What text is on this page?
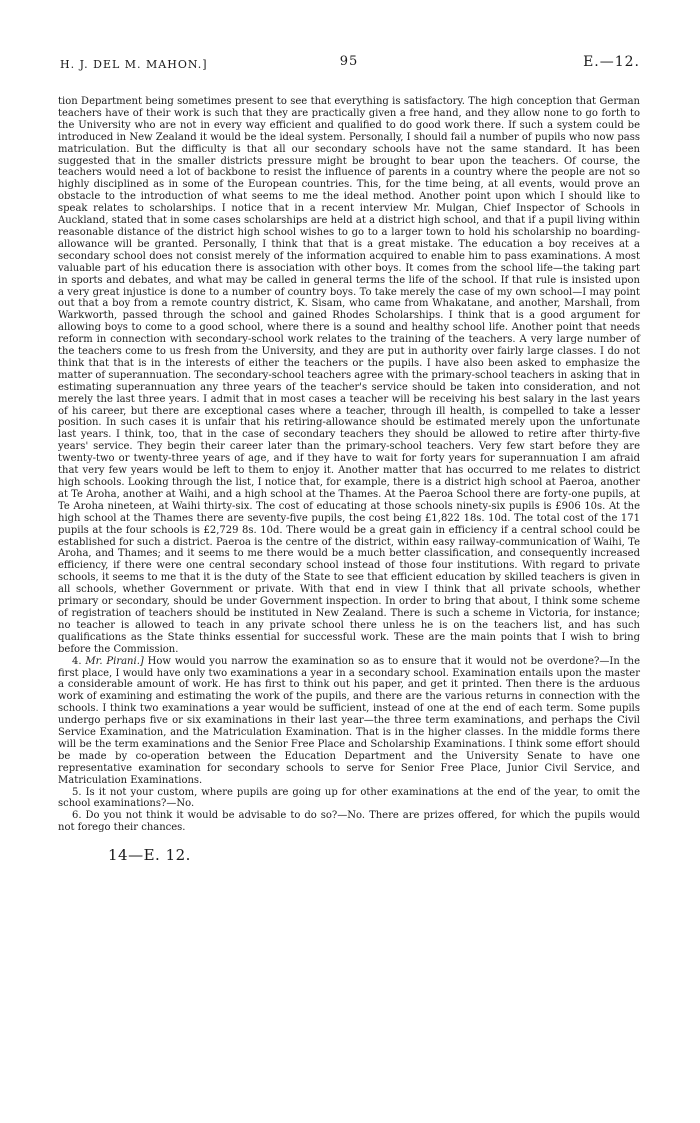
H. J. DEL M. MAHON.]	95	E.—12.

tion Department being sometimes present to see that everything is satisfactory. The high conception that German teachers have of their work is such that they are practically given a free hand, and they allow none to go forth to the University who are not in every way efficient and qualified to do good work there. If such a system could be introduced in New Zealand it would be the ideal system. Personally, I should fail a number of pupils who now pass matriculation. But the difficulty is that all our secondary schools have not the same standard. It has been suggested that in the smaller districts pressure might be brought to bear upon the teachers. Of course, the teachers would need a lot of backbone to resist the influence of parents in a country where the people are not so highly disciplined as in some of the European countries. This, for the time being, at all events, would prove an obstacle to the introduction of what seems to me the ideal method. Another point upon which I should like to speak relates to scholarships. I notice that in a recent interview Mr. Mulgan, Chief Inspector of Schools in Auckland, stated that in some cases scholarships are held at a district high school, and that if a pupil living within reasonable distance of the district high school wishes to go to a larger town to hold his scholarship no boarding-allowance will be granted. Personally, I think that that is a great mistake. The education a boy receives at a secondary school does not consist merely of the information acquired to enable him to pass examinations. A most valuable part of his education there is association with other boys. It comes from the school life—the taking part in sports and debates, and what may be called in general terms the life of the school. If that rule is insisted upon a very great injustice is done to a number of country boys. To take merely the case of my own school—I may point out that a boy from a remote country district, K. Sisam, who came from Whakatane, and another, Marshall, from Warkworth, passed through the school and gained Rhodes Scholarships. I think that is a good argument for allowing boys to come to a good school, where there is a sound and healthy school life. Another point that needs reform in connection with secondary-school work relates to the training of the teachers. A very large number of the teachers come to us fresh from the University, and they are put in authority over fairly large classes. I do not think that that is in the interests of either the teachers or the pupils. I have also been asked to emphasize the matter of superannuation. The secondary-school teachers agree with the primary-school teachers in asking that in estimating superannuation any three years of the teacher's service should be taken into consideration, and not merely the last three years. I admit that in most cases a teacher will be receiving his best salary in the last years of his career, but there are exceptional cases where a teacher, through ill health, is compelled to take a lesser position. In such cases it is unfair that his retiring-allowance should be estimated merely upon the unfortunate last years. I think, too, that in the case of secondary teachers they should be allowed to retire after thirty-five years' service. They begin their career later than the primary-school teachers. Very few start before they are twenty-two or twenty-three years of age, and if they have to wait for forty years for superannuation I am afraid that very few years would be left to them to enjoy it. Another matter that has occurred to me relates to district high schools. Looking through the list, I notice that, for example, there is a district high school at Paeroa, another at Te Aroha, another at Waihi, and a high school at the Thames. At the Paeroa School there are forty-one pupils, at Te Aroha nineteen, at Waihi thirty-six. The cost of educating at those schools ninety-six pupils is £906 10s. At the high school at the Thames there are seventy-five pupils, the cost being £1,822 18s. 10d. The total cost of the 171 pupils at the four schools is £2,729 8s. 10d. There would be a great gain in efficiency if a central school could be established for such a district. Paeroa is the centre of the district, within easy railway-communication of Waihi, Te Aroha, and Thames; and it seems to me there would be a much better classification, and consequently increased efficiency, if there were one central secondary school instead of those four institutions. With regard to private schools, it seems to me that it is the duty of the State to see that efficient education by skilled teachers is given in all schools, whether Government or private. With that end in view I think that all private schools, whether primary or secondary, should be under Government inspection. In order to bring that about, I think some scheme of registration of teachers should be instituted in New Zealand. There is such a scheme in Victoria, for instance; no teacher is allowed to teach in any private school there unless he is on the teachers list, and has such qualifications as the State thinks essential for successful work. These are the main points that I wish to bring before the Commission.

4. Mr. Pirani.] How would you narrow the examination so as to ensure that it would not be overdone?—In the first place, I would have only two examinations a year in a secondary school. Examination entails upon the master a considerable amount of work. He has first to think out his paper, and get it printed. Then there is the arduous work of examining and estimating the work of the pupils, and there are the various returns in connection with the schools. I think two examinations a year would be sufficient, instead of one at the end of each term. Some pupils undergo perhaps five or six examinations in their last year—the three term examinations, and perhaps the Civil Service Examination, and the Matriculation Examination. That is in the higher classes. In the middle forms there will be the term examinations and the Senior Free Place and Scholarship Examinations. I think some effort should be made by co-operation between the Education Department and the University Senate to have one representative examination for secondary schools to serve for Senior Free Place, Junior Civil Service, and Matriculation Examinations.

5. Is it not your custom, where pupils are going up for other examinations at the end of the year, to omit the school examinations?—No.

6. Do you not think it would be advisable to do so?—No. There are prizes offered, for which the pupils would not forego their chances.

14—E. 12.
